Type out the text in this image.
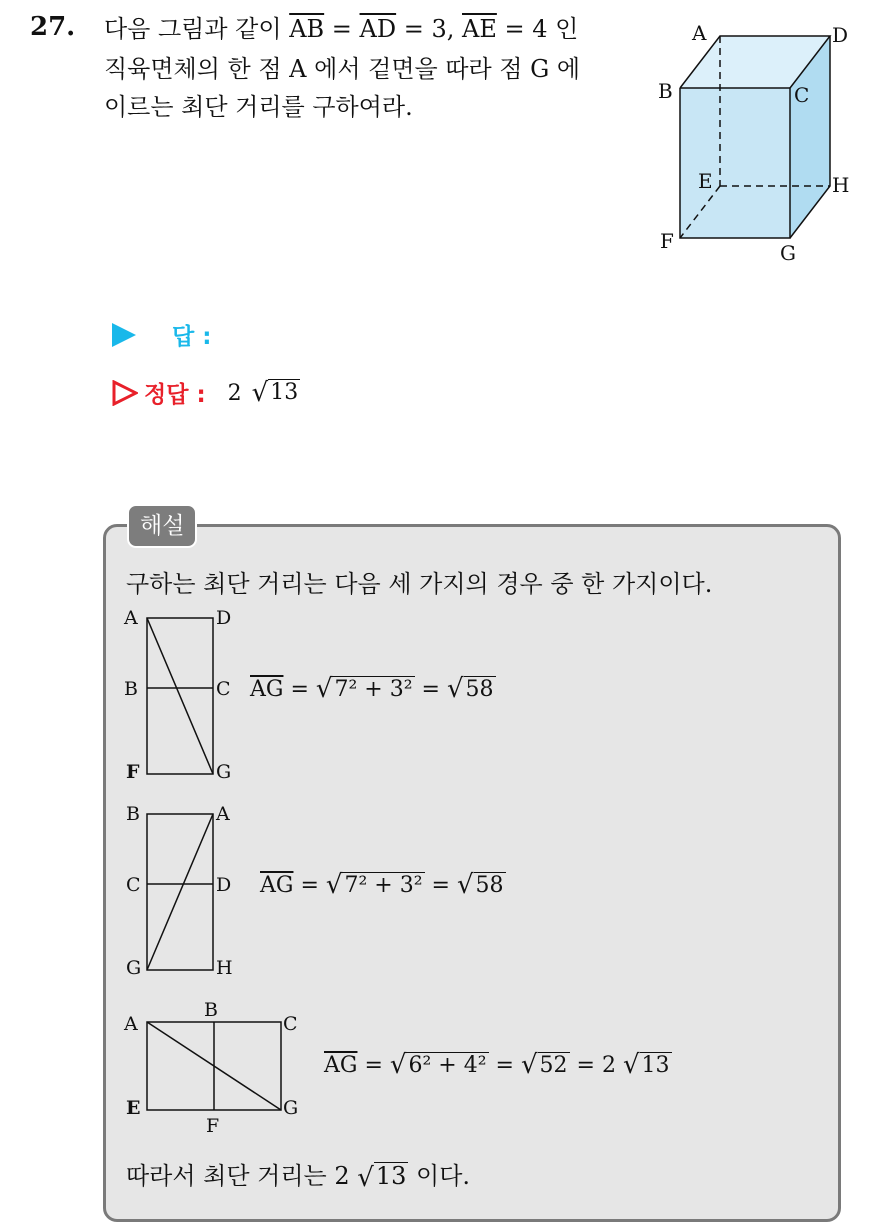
27. 다음 그림과 같이 $\overline{AB} = \overline{AD} = 3$, $\overline{AE} = 4$ 인
직육면체의 한 점 A 에서 겉면을 따라 점 G 에
이르는 최단 거리를 구하여라.
A
B	C
D
E
F	G
H
답 :
정답 : 2 √ 13
해설
구하는 최단 거리는 다음 세 가지의 경우 중 한 가지이다.
A	D
B	C
F	G
$\overline{AG}$ = √ 7² + 3² = √ 58
B	A
C	D
G	H
$\overline{AG}$ = √ 7² + 3² = √ 58
A
B
C
E
F
G
$\overline{AG}$ = √ 6² + 4² = √ 52 = 2 √ 13
따라서 최단 거리는 2 √ 13 이다.
